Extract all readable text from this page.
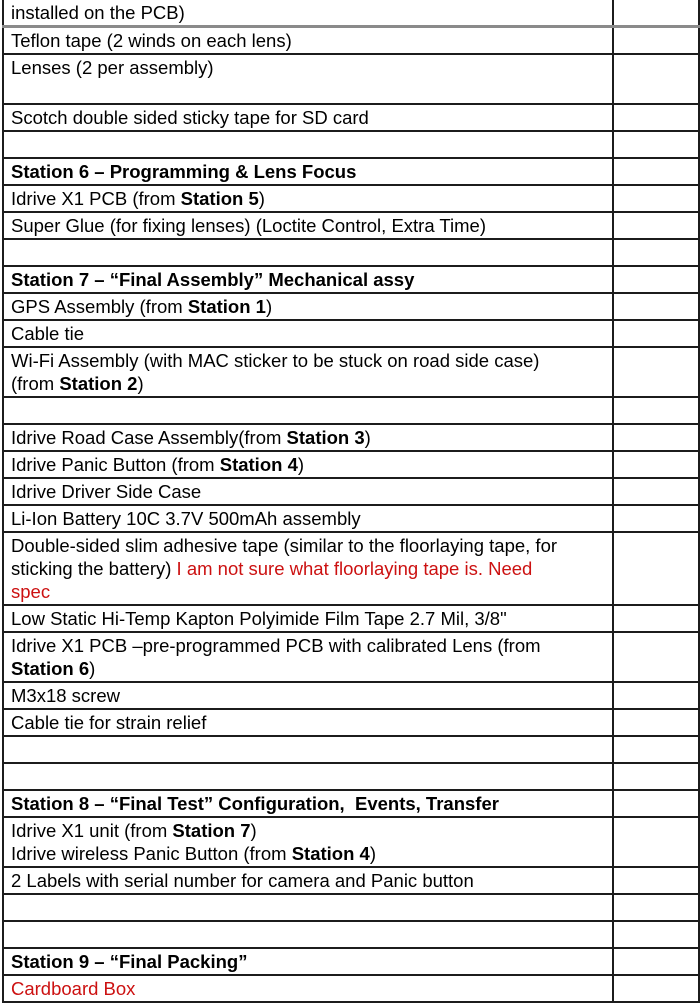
installed on the PCB)	

Teflon tape (2 winds on each lens)	

Lenses (2 per assembly)	

Scotch double sided sticky tape for SD card	

Station 6 – Programming & Lens Focus	

Idrive X1 PCB (from Station 5)	

Super Glue (for fixing lenses) (Loctite Control, Extra Time)	

Station 7 – “Final Assembly” Mechanical assy	

GPS Assembly (from Station 1)	

Cable tie	

Wi-Fi Assembly (with MAC sticker to be stuck on road side case)
(from Station 2)	

Idrive Road Case Assembly(from Station 3)	

Idrive Panic Button (from Station 4)	

Idrive Driver Side Case	

Li-Ion Battery 10C 3.7V 500mAh assembly	

Double-sided slim adhesive tape (similar to the floorlaying tape, for
sticking the battery) I am not sure what floorlaying tape is. Need
spec	

Low Static Hi-Temp Kapton Polyimide Film Tape 2.7 Mil, 3/8"	

Idrive X1 PCB –pre-programmed PCB with calibrated Lens (from
Station 6)	

M3x18 screw	

Cable tie for strain relief	

Station 8 – “Final Test” Configuration,  Events, Transfer	

Idrive X1 unit (from Station 7)
Idrive wireless Panic Button (from Station 4)	

2 Labels with serial number for camera and Panic button	

Station 9 – “Final Packing”	

Cardboard Box	
